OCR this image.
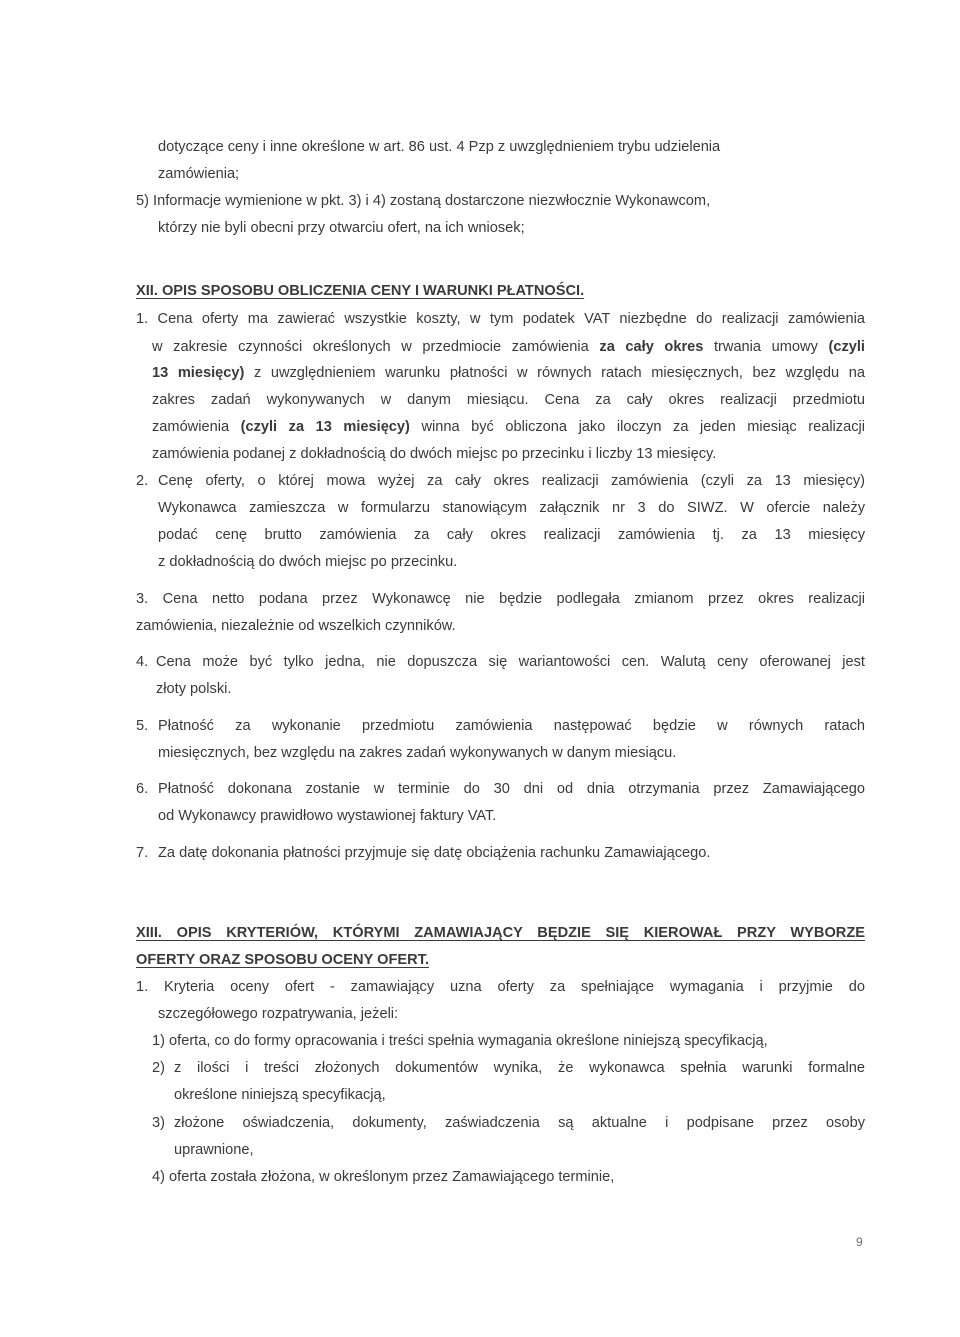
dotyczące ceny i inne określone w art. 86 ust. 4 Pzp z uwzględnieniem trybu udzielenia
zamówienia;
5) Informacje wymienione w pkt. 3) i 4) zostaną dostarczone niezwłocznie Wykonawcom,
którzy nie byli obecni przy otwarciu ofert, na ich wniosek;
XII. OPIS SPOSOBU OBLICZENIA CENY I WARUNKI PŁATNOŚCI.
1. Cena oferty ma zawierać wszystkie koszty, w tym podatek VAT niezbędne do realizacji zamówienia
w zakresie czynności określonych w przedmiocie zamówienia za cały okres trwania umowy (czyli
13 miesięcy) z uwzględnieniem warunku płatności w równych ratach miesięcznych, bez względu na
zakres zadań wykonywanych w danym miesiącu. Cena za cały okres realizacji przedmiotu
zamówienia (czyli za 13 miesięcy) winna być obliczona jako iloczyn za jeden miesiąc realizacji
zamówienia podanej z dokładnością do dwóch miejsc po przecinku i liczby 13 miesięcy.
2. Cenę oferty, o której mowa wyżej za cały okres realizacji zamówienia (czyli za 13 miesięcy)
Wykonawca zamieszcza w formularzu stanowiącym załącznik nr 3 do SIWZ. W ofercie należy
podać cenę brutto zamówienia za cały okres realizacji zamówienia tj. za 13 miesięcy
z dokładnością do dwóch miejsc po przecinku.
3. Cena netto podana przez Wykonawcę nie będzie podlegała zmianom przez okres realizacji
zamówienia, niezależnie od wszelkich czynników.
4. Cena może być tylko jedna, nie dopuszcza się wariantowości cen. Walutą ceny oferowanej jest
złoty polski.
5. Płatność za wykonanie przedmiotu zamówienia następować będzie w równych ratach
miesięcznych, bez względu na zakres zadań wykonywanych w danym miesiącu.
6. Płatność dokonana zostanie w terminie do 30 dni od dnia otrzymania przez Zamawiającego
od Wykonawcy prawidłowo wystawionej faktury VAT.
7. Za datę dokonania płatności przyjmuje się datę obciążenia rachunku Zamawiającego.
XIII. OPIS KRYTERIÓW, KTÓRYMI ZAMAWIAJĄCY BĘDZIE SIĘ KIEROWAŁ PRZY WYBORZE
OFERTY ORAZ SPOSOBU OCENY OFERT.
1. Kryteria oceny ofert - zamawiający uzna oferty za spełniające wymagania i przyjmie do
szczegółowego rozpatrywania, jeżeli:
1) oferta, co do formy opracowania i treści spełnia wymagania określone niniejszą specyfikacją,
2) z ilości i treści złożonych dokumentów wynika, że wykonawca spełnia warunki formalne
określone niniejszą specyfikacją,
3) złożone oświadczenia, dokumenty, zaświadczenia są aktualne i podpisane przez osoby
uprawnione,
4) oferta została złożona, w określonym przez Zamawiającego terminie,
9
